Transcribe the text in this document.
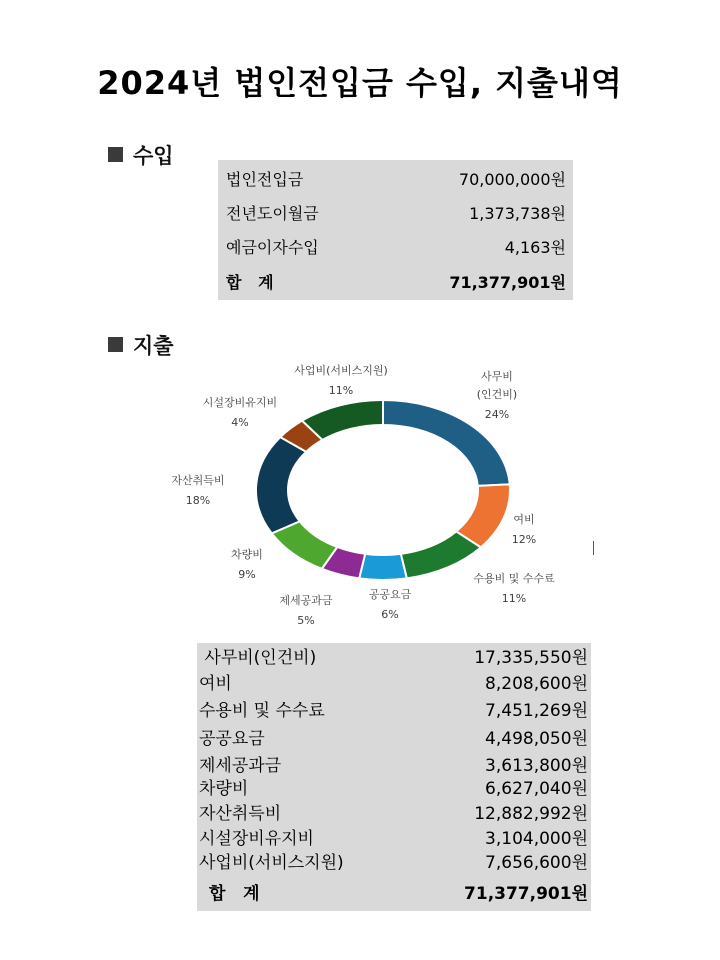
2024년 법인전입금 수입, 지출내역
수입
법인전입금	70,000,000원
전년도이월금	1,373,738원
예금이자수입	4,163원
합   계	71,377,901원
지출
사무비
(인건비)
24%
여비
12%
수용비 및 수수료
11%
공공요금
6%
제세공과금
5%
차량비
9%
자산취득비
18%
시설장비유지비
4%
사업비(서비스지원)
11%
사무비(인건비)	17,335,550원
여비	8,208,600원
수용비 및 수수료	7,451,269원
공공요금	4,498,050원
제세공과금	3,613,800원
차량비	6,627,040원
자산취득비	12,882,992원
시설장비유지비	3,104,000원
사업비(서비스지원)	7,656,600원
합   계	71,377,901원
